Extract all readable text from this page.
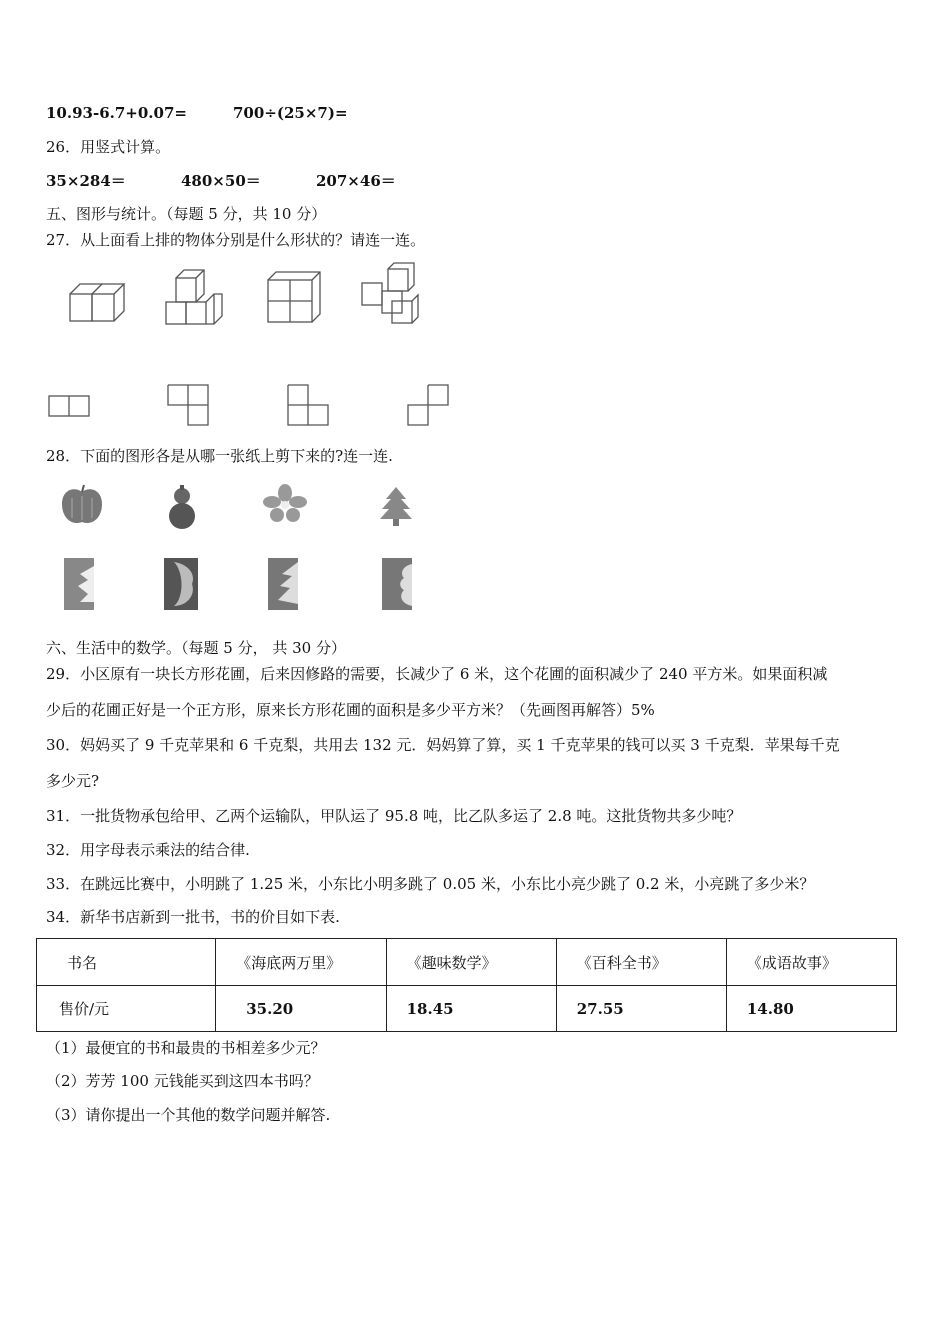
10.93-6.7+0.07=	700÷(25×7)=
26．用竖式计算。
35×284＝	480×50＝	207×46＝
五、图形与统计。（每题 5 分，共 10 分）
27．从上面看上排的物体分别是什么形状的？请连一连。
28．下面的图形各是从哪一张纸上剪下来的?连一连.
六、生活中的数学。（每题 5 分， 共 30 分）
29．小区原有一块长方形花圃，后来因修路的需要，长减少了 6 米，这个花圃的面积减少了 240 平方米。如果面积减
少后的花圃正好是一个正方形，原来长方形花圃的面积是多少平方米？（先画图再解答）5%
30．妈妈买了 9 千克苹果和 6 千克梨，共用去 132 元．妈妈算了算，买 1 千克苹果的钱可以买 3 千克梨．苹果每千克
多少元?
31．一批货物承包给甲、乙两个运输队，甲队运了 95.8 吨，比乙队多运了 2.8 吨。这批货物共多少吨？
32．用字母表示乘法的结合律.
33．在跳远比赛中，小明跳了 1.25 米，小东比小明多跳了 0.05 米，小东比小亮少跳了 0.2 米，小亮跳了多少米？
34．新华书店新到一批书，书的价目如下表.
书名	《海底两万里》	《趣味数学》	《百科全书》	《成语故事》
售价/元	35.20	18.45	27.55	14.80
（1）最便宜的书和最贵的书相差多少元？
（2）芳芳 100 元钱能买到这四本书吗？
（3）请你提出一个其他的数学问题并解答.
